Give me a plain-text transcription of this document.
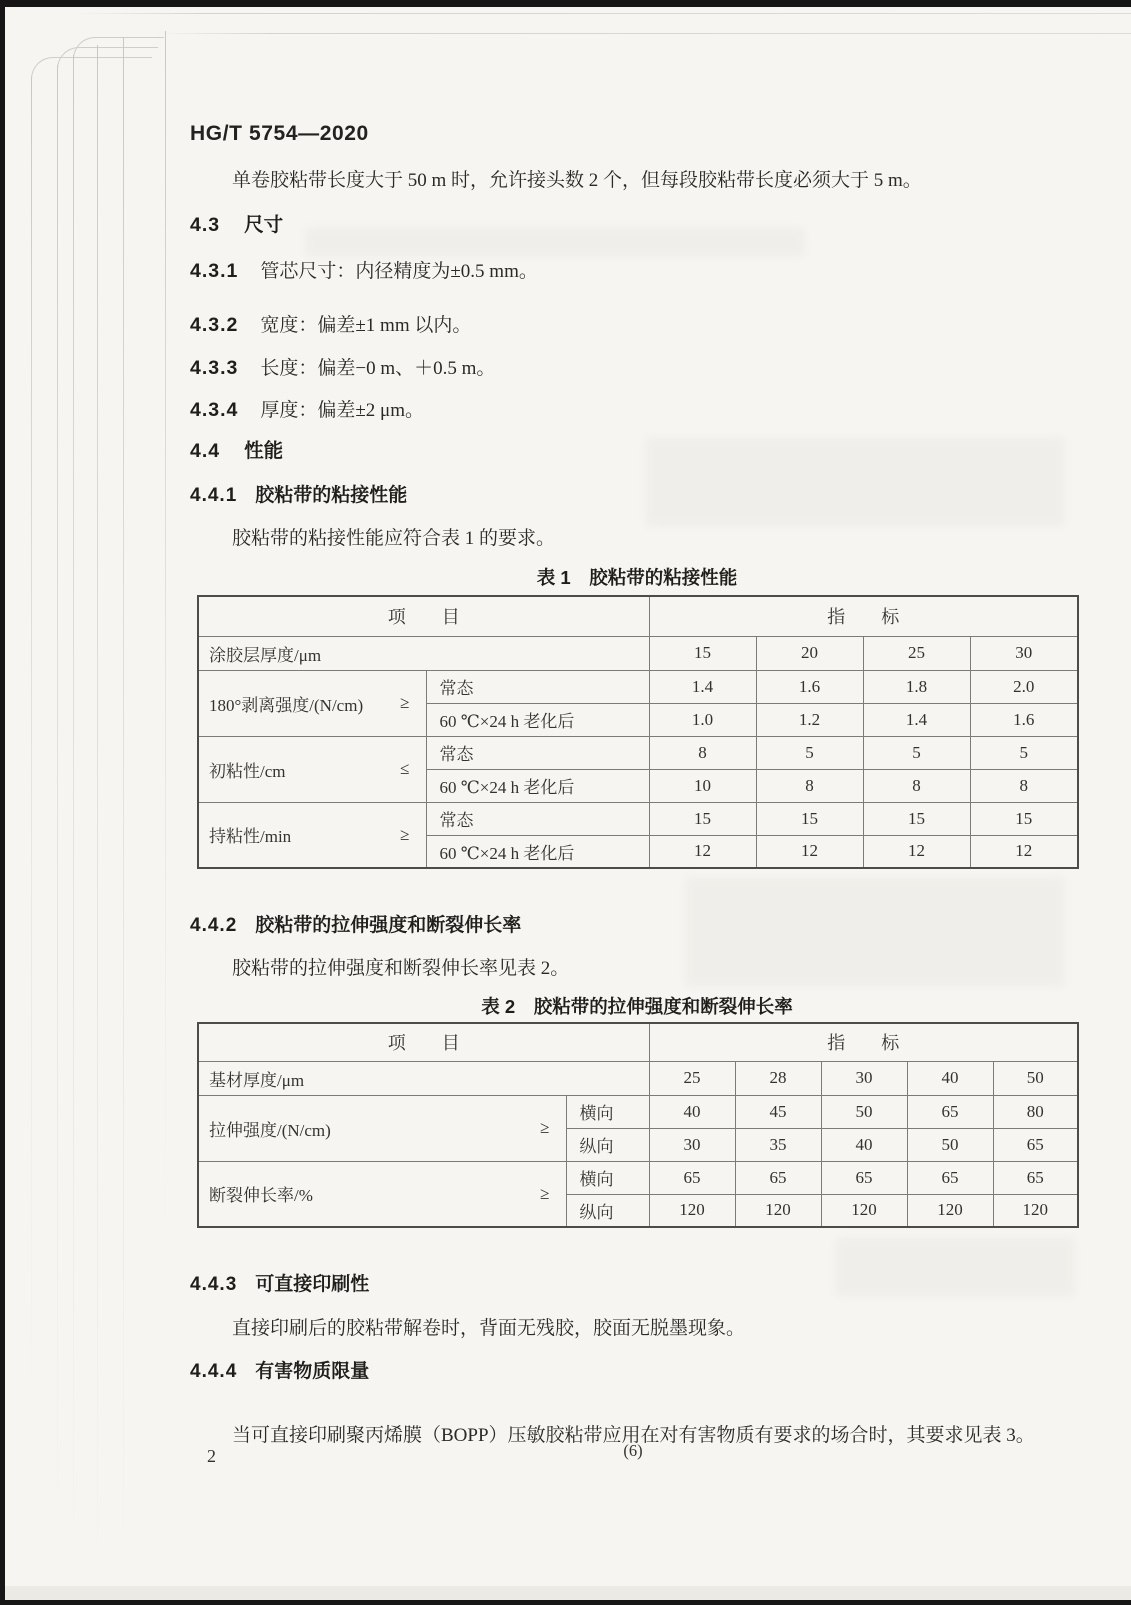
HG/T 5754—2020
单卷胶粘带长度大于 50 m 时，允许接头数 2 个，但每段胶粘带长度必须大于 5 m。
4.3 尺寸
4.3.1 管芯尺寸：内径精度为±0.5 mm。
4.3.2 宽度：偏差±1 mm 以内。
4.3.3 长度：偏差−0 m、＋0.5 m。
4.3.4 厚度：偏差±2 μm。
4.4 性能
4.4.1 胶粘带的粘接性能
胶粘带的粘接性能应符合表 1 的要求。
表 1　胶粘带的粘接性能
项　　目		指　　标			
涂胶层厚度/μm		15	20	25	30

180°剥离强度/(N/cm) ≥	常态	1.4	1.6	1.8	2.0
	60 ℃×24 h 老化后	1.0	1.2	1.4	1.6

初粘性/cm ≤	常态	8	5	5	5
	60 ℃×24 h 老化后	10	8	8	8

持粘性/min ≥	常态	15	15	15	15
	60 ℃×24 h 老化后	12	12	12	12
4.4.2 胶粘带的拉伸强度和断裂伸长率
胶粘带的拉伸强度和断裂伸长率见表 2。
表 2　胶粘带的拉伸强度和断裂伸长率
项　　目		指　　标				
基材厚度/μm		25	28	30	40	50

拉伸强度/(N/cm) ≥	横向	40	45	50	65	80
	纵向	30	35	40	50	65

断裂伸长率/% ≥	横向	65	65	65	65	65
	纵向	120	120	120	120	120
4.4.3 可直接印刷性
直接印刷后的胶粘带解卷时，背面无残胶，胶面无脱墨现象。
4.4.4 有害物质限量
当可直接印刷聚丙烯膜（BOPP）压敏胶粘带应用在对有害物质有要求的场合时，其要求见表 3。
2	(6)
